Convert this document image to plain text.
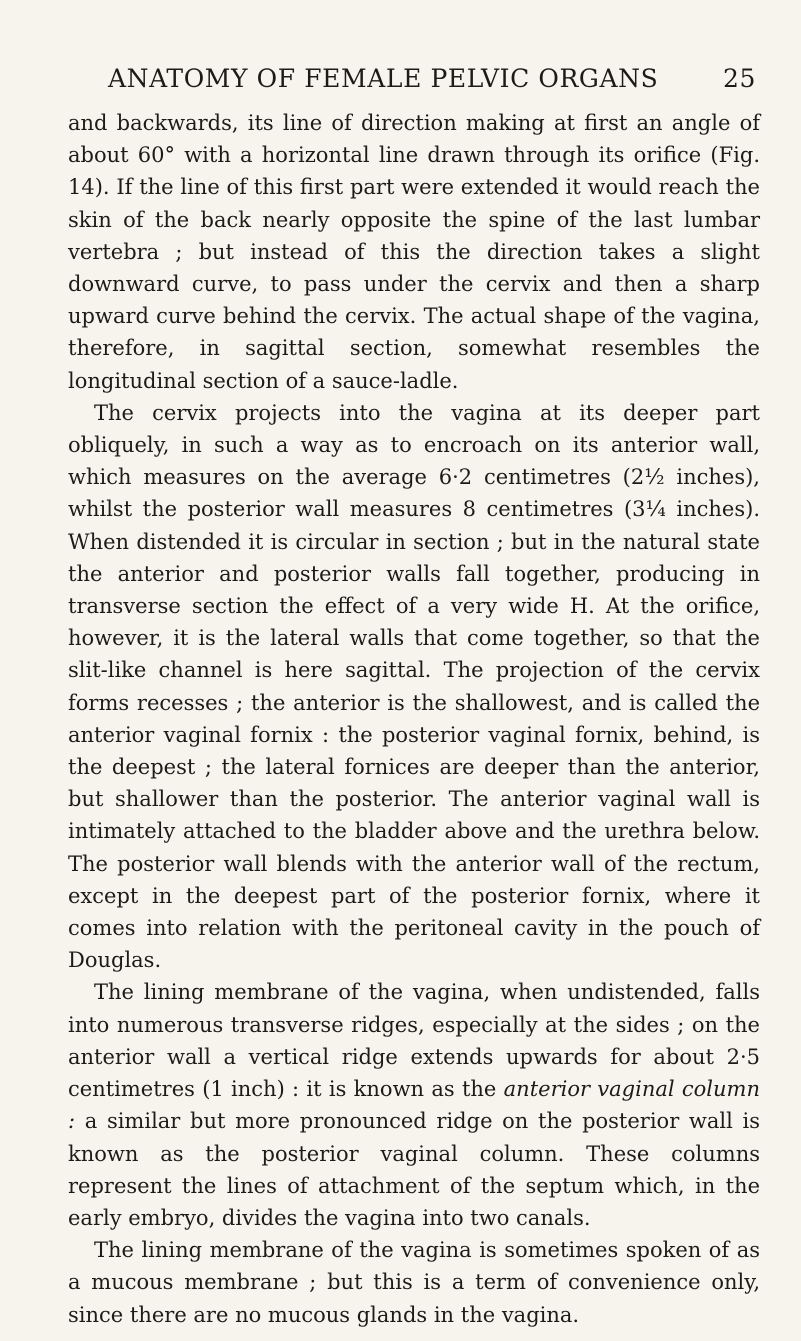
ANATOMY OF FEMALE PELVIC ORGANS	25

and backwards, its line of direction making at first an angle of about 60° with a horizontal line drawn through its orifice (Fig. 14). If the line of this first part were extended it would reach the skin of the back nearly opposite the spine of the last lumbar vertebra ; but instead of this the direction takes a slight downward curve, to pass under the cervix and then a sharp upward curve behind the cervix. The actual shape of the vagina, therefore, in sagittal section, somewhat resembles the longitudinal section of a sauce-ladle.

The cervix projects into the vagina at its deeper part obliquely, in such a way as to encroach on its anterior wall, which measures on the average 6·2 centimetres (2½ inches), whilst the posterior wall measures 8 centimetres (3¼ inches). When distended it is circular in section ; but in the natural state the anterior and posterior walls fall together, producing in transverse section the effect of a very wide H. At the orifice, however, it is the lateral walls that come together, so that the slit-like channel is here sagittal. The projection of the cervix forms recesses ; the anterior is the shallowest, and is called the anterior vaginal fornix : the posterior vaginal fornix, behind, is the deepest ; the lateral fornices are deeper than the anterior, but shallower than the posterior. The anterior vaginal wall is intimately attached to the bladder above and the urethra below. The posterior wall blends with the anterior wall of the rectum, except in the deepest part of the posterior fornix, where it comes into relation with the peritoneal cavity in the pouch of Douglas.

The lining membrane of the vagina, when undistended, falls into numerous transverse ridges, especially at the sides ; on the anterior wall a vertical ridge extends upwards for about 2·5 centimetres (1 inch) : it is known as the anterior vaginal column : a similar but more pronounced ridge on the posterior wall is known as the posterior vaginal column. These columns represent the lines of attachment of the septum which, in the early embryo, divides the vagina into two canals.

The lining membrane of the vagina is sometimes spoken of as a mucous membrane ; but this is a term of convenience only, since there are no mucous glands in the vagina.
